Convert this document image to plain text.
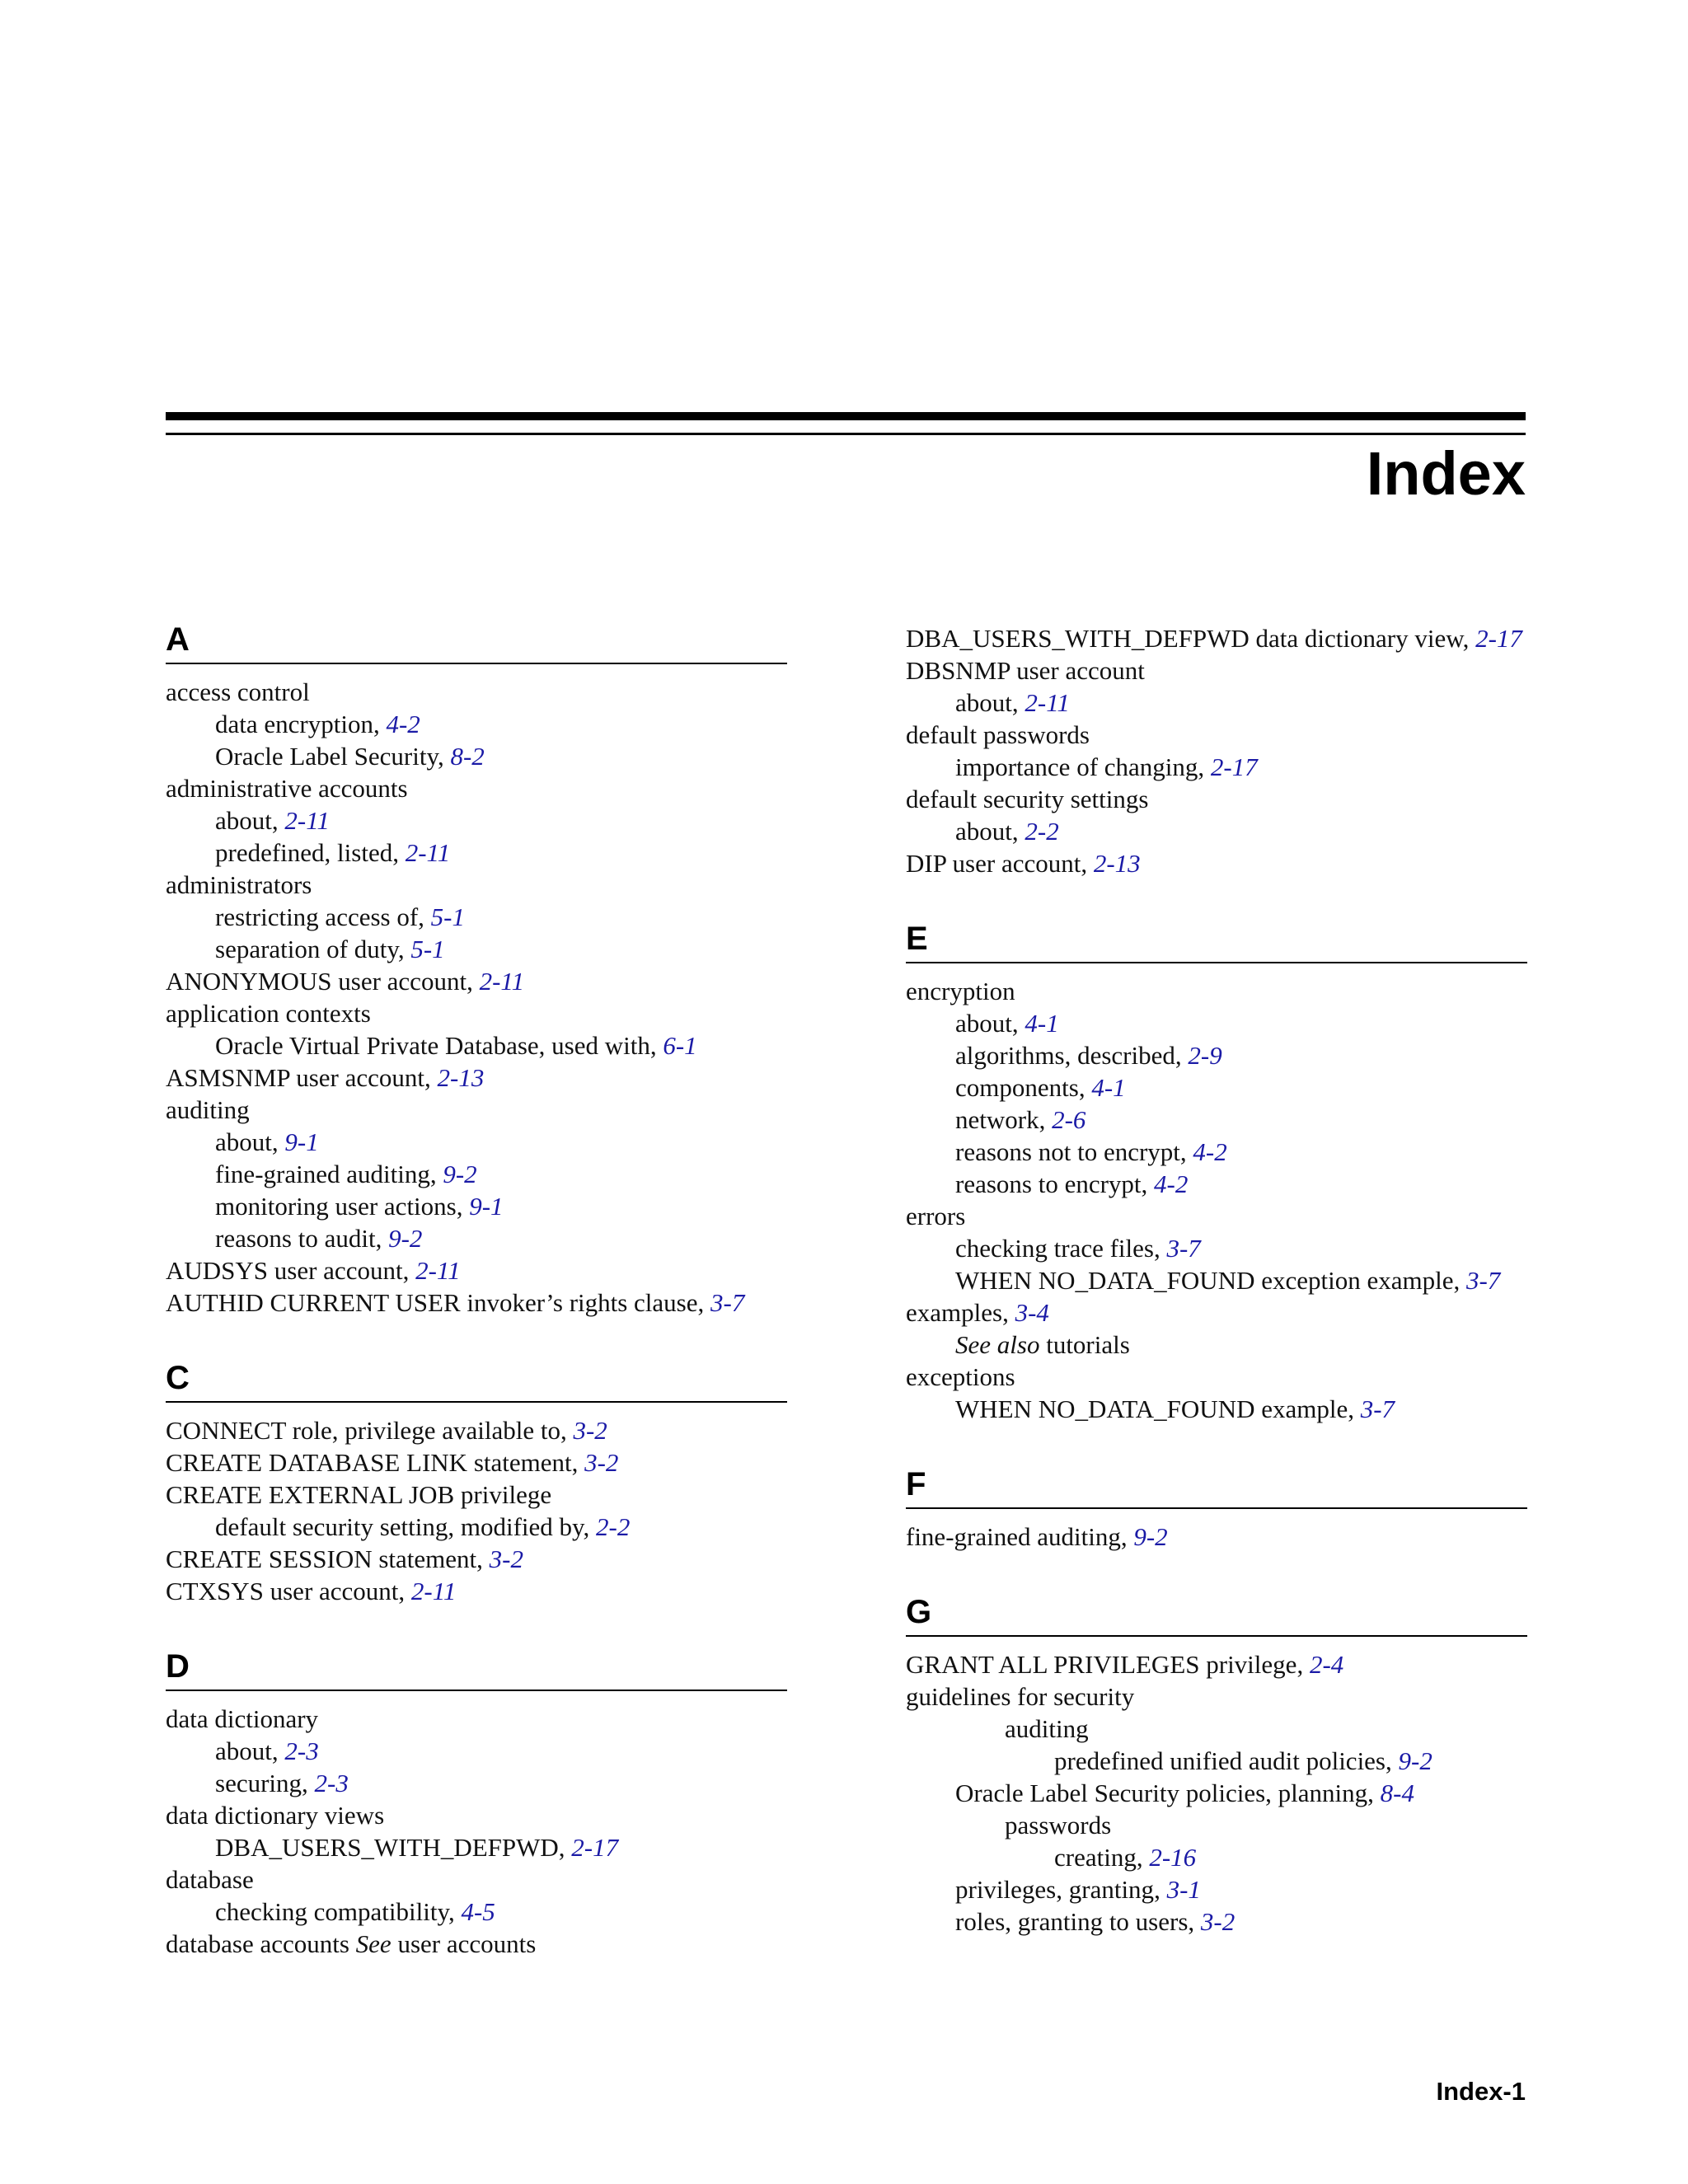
Index
A
access control
data encryption, 4-2
Oracle Label Security, 8-2
administrative accounts
about, 2-11
predefined, listed, 2-11
administrators
restricting access of, 5-1
separation of duty, 5-1
ANONYMOUS user account, 2-11
application contexts
Oracle Virtual Private Database, used with, 6-1
ASMSNMP user account, 2-13
auditing
about, 9-1
fine-grained auditing, 9-2
monitoring user actions, 9-1
reasons to audit, 9-2
AUDSYS user account, 2-11
AUTHID CURRENT USER invoker’s rights clause, 3-7
C
CONNECT role, privilege available to, 3-2
CREATE DATABASE LINK statement, 3-2
CREATE EXTERNAL JOB privilege
default security setting, modified by, 2-2
CREATE SESSION statement, 3-2
CTXSYS user account, 2-11
D
data dictionary
about, 2-3
securing, 2-3
data dictionary views
DBA_USERS_WITH_DEFPWD, 2-17
database
checking compatibility, 4-5
database accounts See user accounts
DBA_USERS_WITH_DEFPWD data dictionary view, 2-17
DBSNMP user account
about, 2-11
default passwords
importance of changing, 2-17
default security settings
about, 2-2
DIP user account, 2-13
E
encryption
about, 4-1
algorithms, described, 2-9
components, 4-1
network, 2-6
reasons not to encrypt, 4-2
reasons to encrypt, 4-2
errors
checking trace files, 3-7
WHEN NO_DATA_FOUND exception example, 3-7
examples, 3-4
See also tutorials
exceptions
WHEN NO_DATA_FOUND example, 3-7
F
fine-grained auditing, 9-2
G
GRANT ALL PRIVILEGES privilege, 2-4
guidelines for security
auditing
predefined unified audit policies, 9-2
Oracle Label Security policies, planning, 8-4
passwords
creating, 2-16
privileges, granting, 3-1
roles, granting to users, 3-2
Index-1
